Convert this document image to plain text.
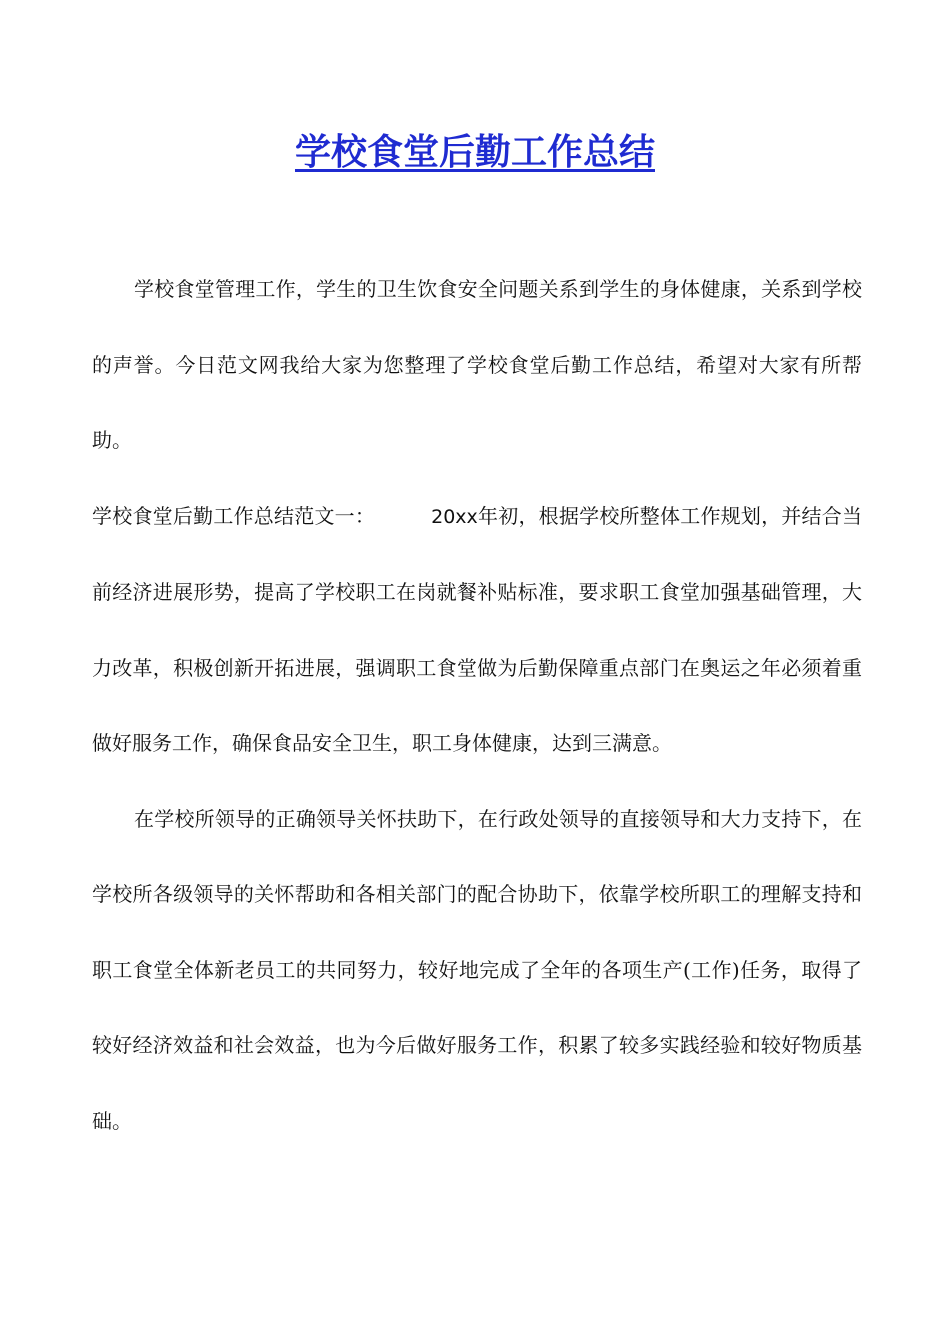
学校食堂后勤工作总结

学校食堂管理工作，学生的卫生饮食安全问题关系到学生的身体健康，关系到学校的声誉。今日范文网我给大家为您整理了学校食堂后勤工作总结，希望对大家有所帮助。

学校食堂后勤工作总结范文一：	20xx年初，根据学校所整体工作规划，并结合当前经济进展形势，提高了学校职工在岗就餐补贴标准，要求职工食堂加强基础管理，大力改革，积极创新开拓进展，强调职工食堂做为后勤保障重点部门在奥运之年必须着重做好服务工作，确保食品安全卫生，职工身体健康，达到三满意。

在学校所领导的正确领导关怀扶助下，在行政处领导的直接领导和大力支持下，在学校所各级领导的关怀帮助和各相关部门的配合协助下，依靠学校所职工的理解支持和职工食堂全体新老员工的共同努力，较好地完成了全年的各项生产(工作)任务，取得了较好经济效益和社会效益，也为今后做好服务工作，积累了较多实践经验和较好物质基础。
